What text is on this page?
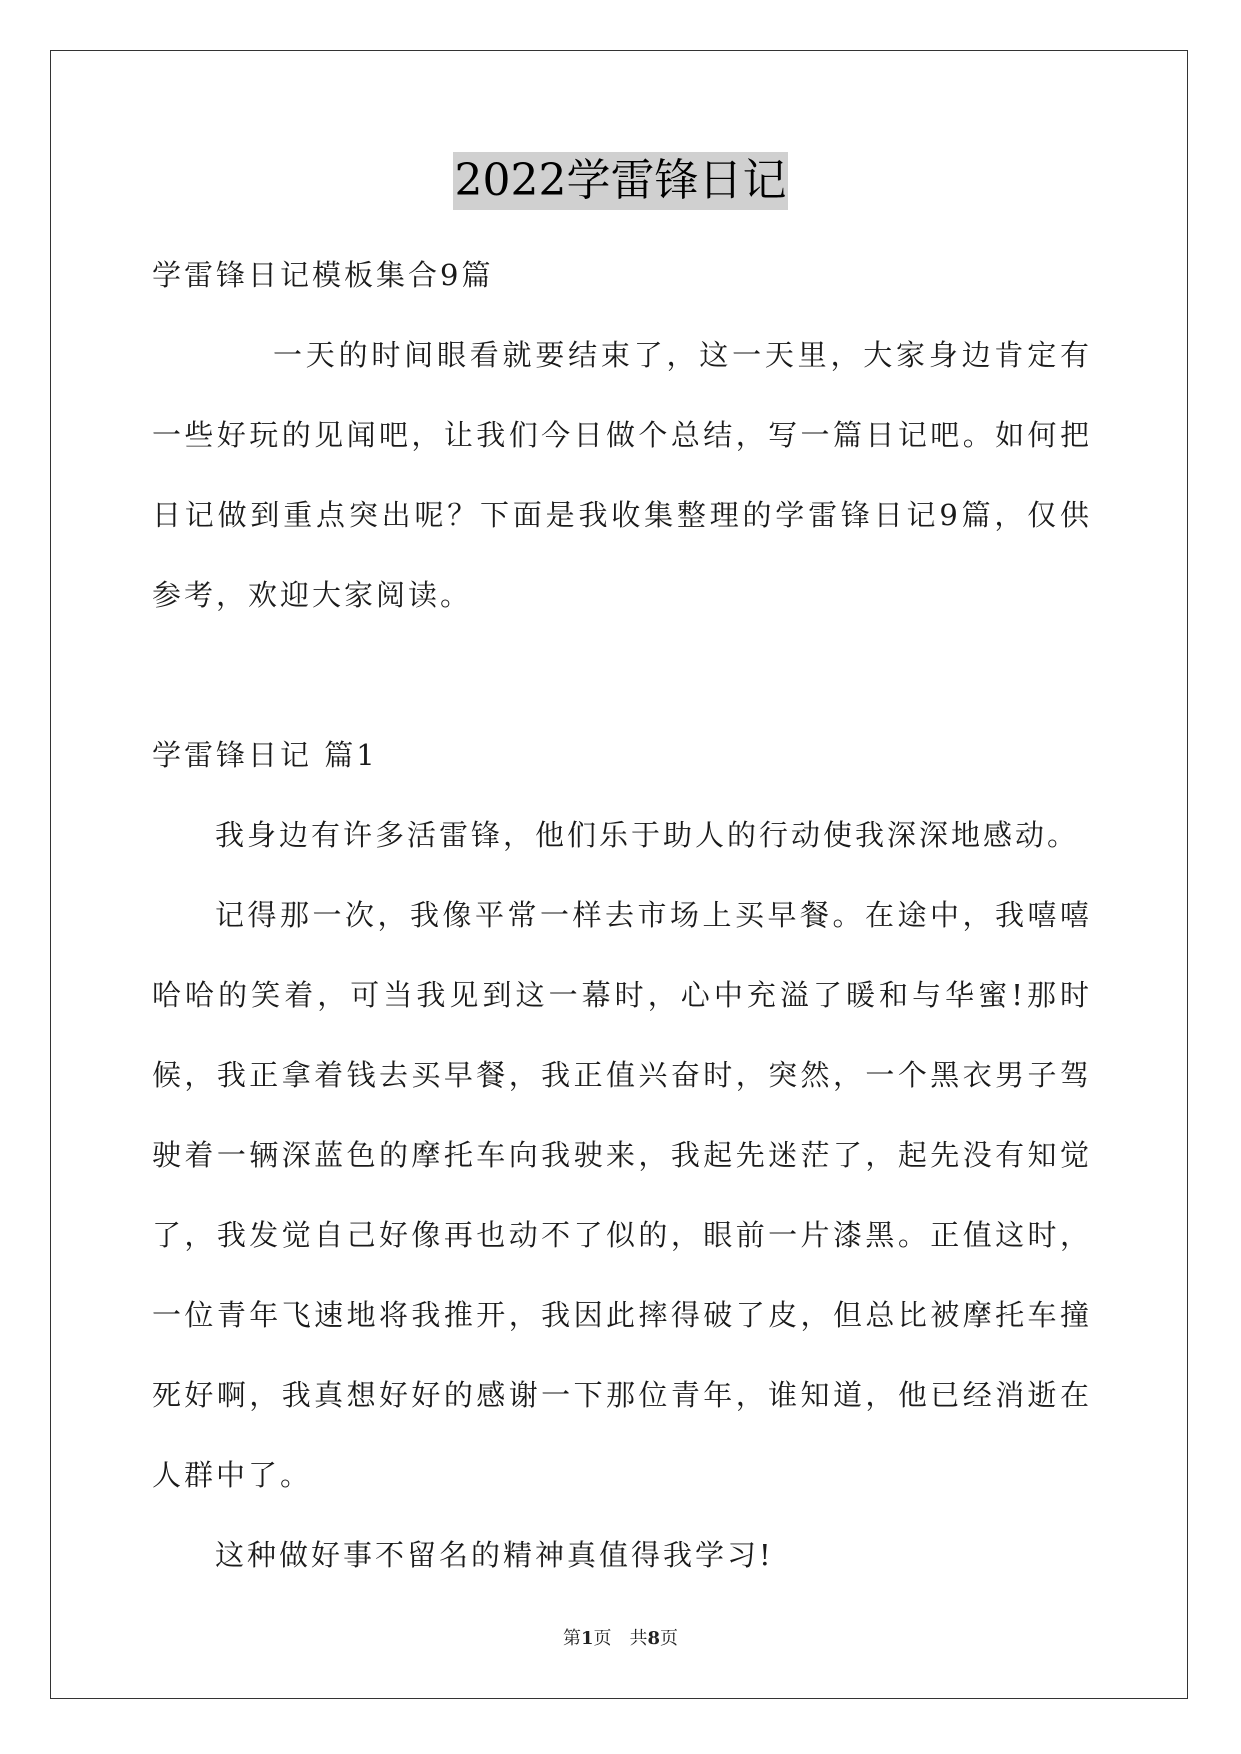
2022学雷锋日记

学雷锋日记模板集合9篇

一天的时间眼看就要结束了，这一天里，大家身边肯定有一些好玩的见闻吧，让我们今日做个总结，写一篇日记吧。如何把日记做到重点突出呢？下面是我收集整理的学雷锋日记9篇，仅供参考，欢迎大家阅读。

学雷锋日记 篇1

我身边有许多活雷锋，他们乐于助人的行动使我深深地感动。

记得那一次，我像平常一样去市场上买早餐。在途中，我嘻嘻哈哈的笑着，可当我见到这一幕时，心中充溢了暖和与华蜜!那时候，我正拿着钱去买早餐，我正值兴奋时，突然，一个黑衣男子驾驶着一辆深蓝色的摩托车向我驶来，我起先迷茫了，起先没有知觉了，我发觉自己好像再也动不了似的，眼前一片漆黑。正值这时，一位青年飞速地将我推开，我因此摔得破了皮，但总比被摩托车撞死好啊，我真想好好的感谢一下那位青年，谁知道，他已经消逝在人群中了。

这种做好事不留名的精神真值得我学习!

第1页 共8页
